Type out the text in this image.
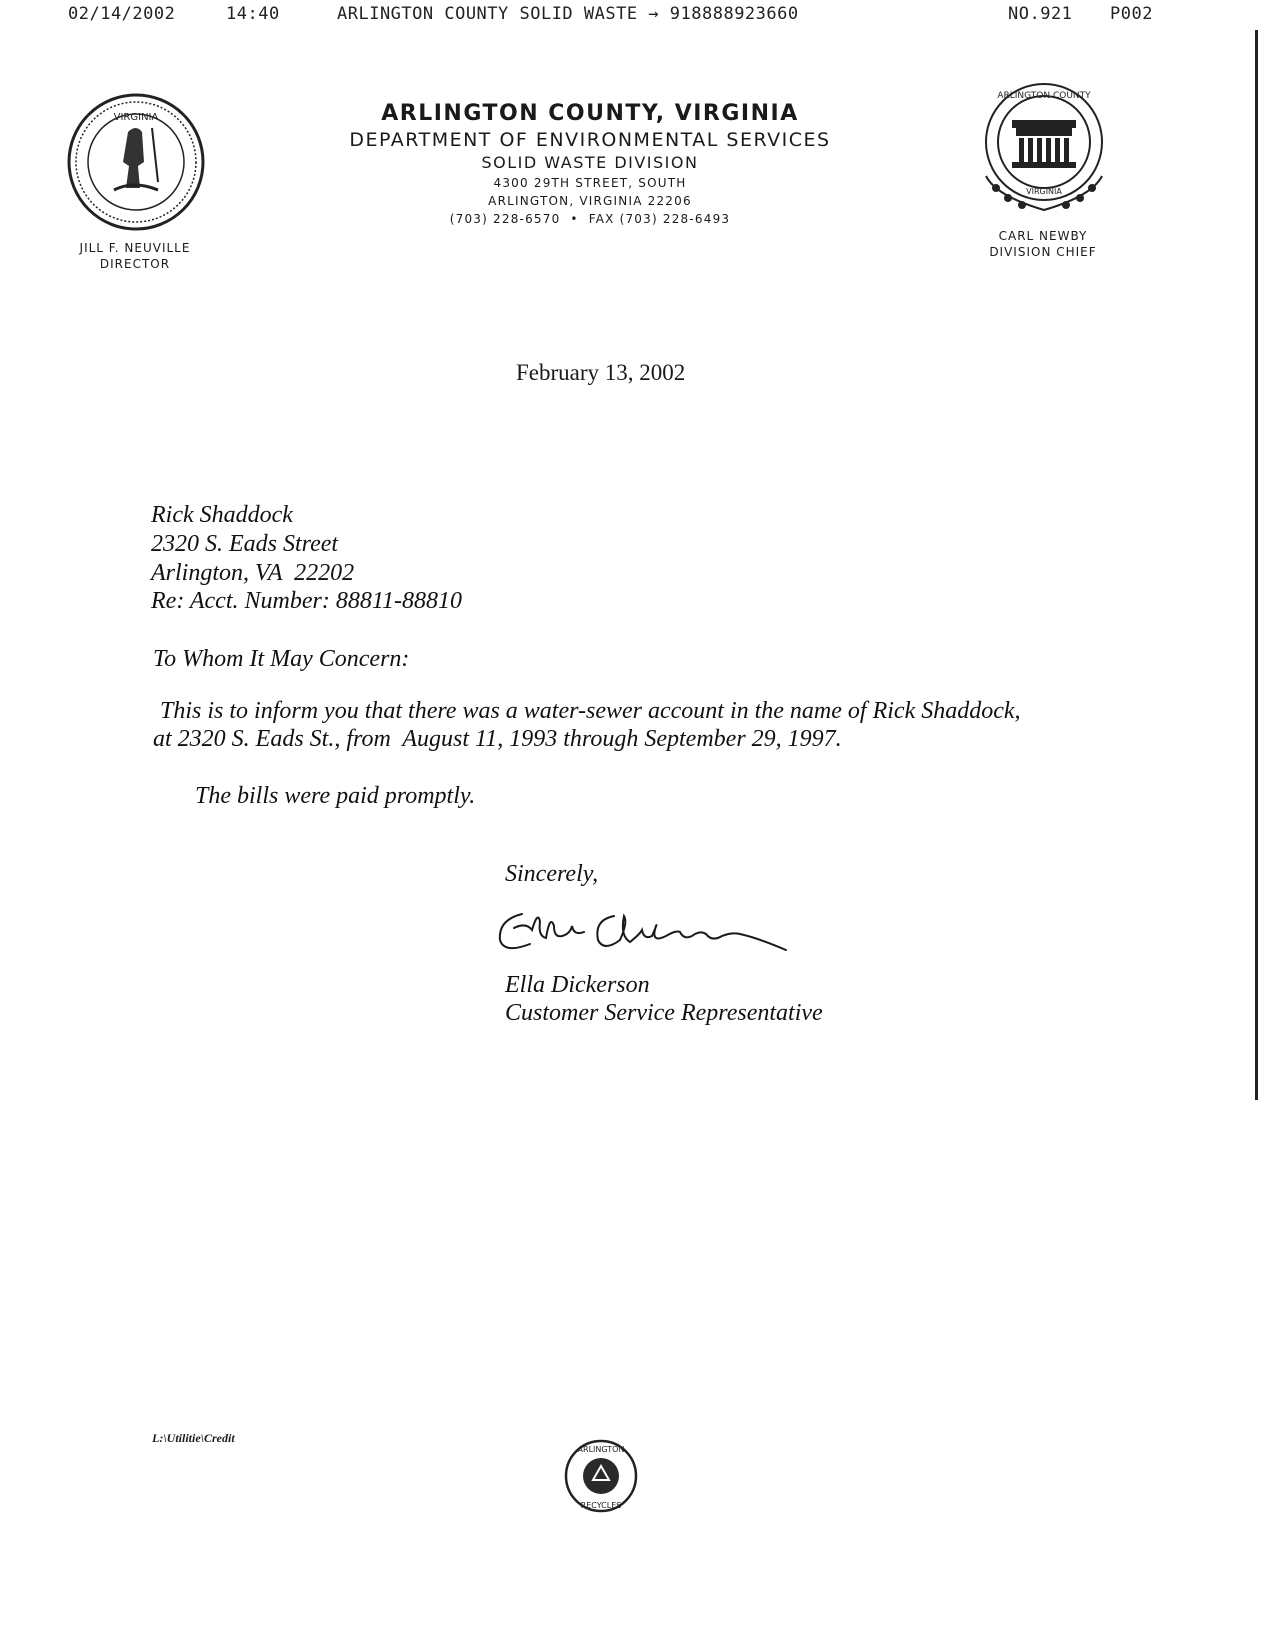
02/14/2002	14:40	ARLINGTON COUNTY SOLID WASTE → 918888923660	NO.921 P002
VIRGINIA
JILL F. NEUVILLE
DIRECTOR
ARLINGTON COUNTY, VIRGINIA
DEPARTMENT OF ENVIRONMENTAL SERVICES
SOLID WASTE DIVISION
4300 29TH STREET, SOUTH
ARLINGTON, VIRGINIA 22206
(703) 228-6570  •  FAX (703) 228-6493
ARLINGTON COUNTY
VIRGINIA
CARL NEWBY
DIVISION CHIEF
February 13, 2002
Rick Shaddock
2320 S. Eads Street
Arlington, VA  22202
Re: Acct. Number: 88811-88810
To Whom It May Concern:
This is to inform you that there was a water-sewer account in the name of Rick Shaddock,
at 2320 S. Eads St., from  August 11, 1993 through September 29, 1997.
The bills were paid promptly.
Sincerely,
Ella Dickerson
Customer Service Representative
L:\Utilitie\Credit
ARLINGTON
RECYCLES
